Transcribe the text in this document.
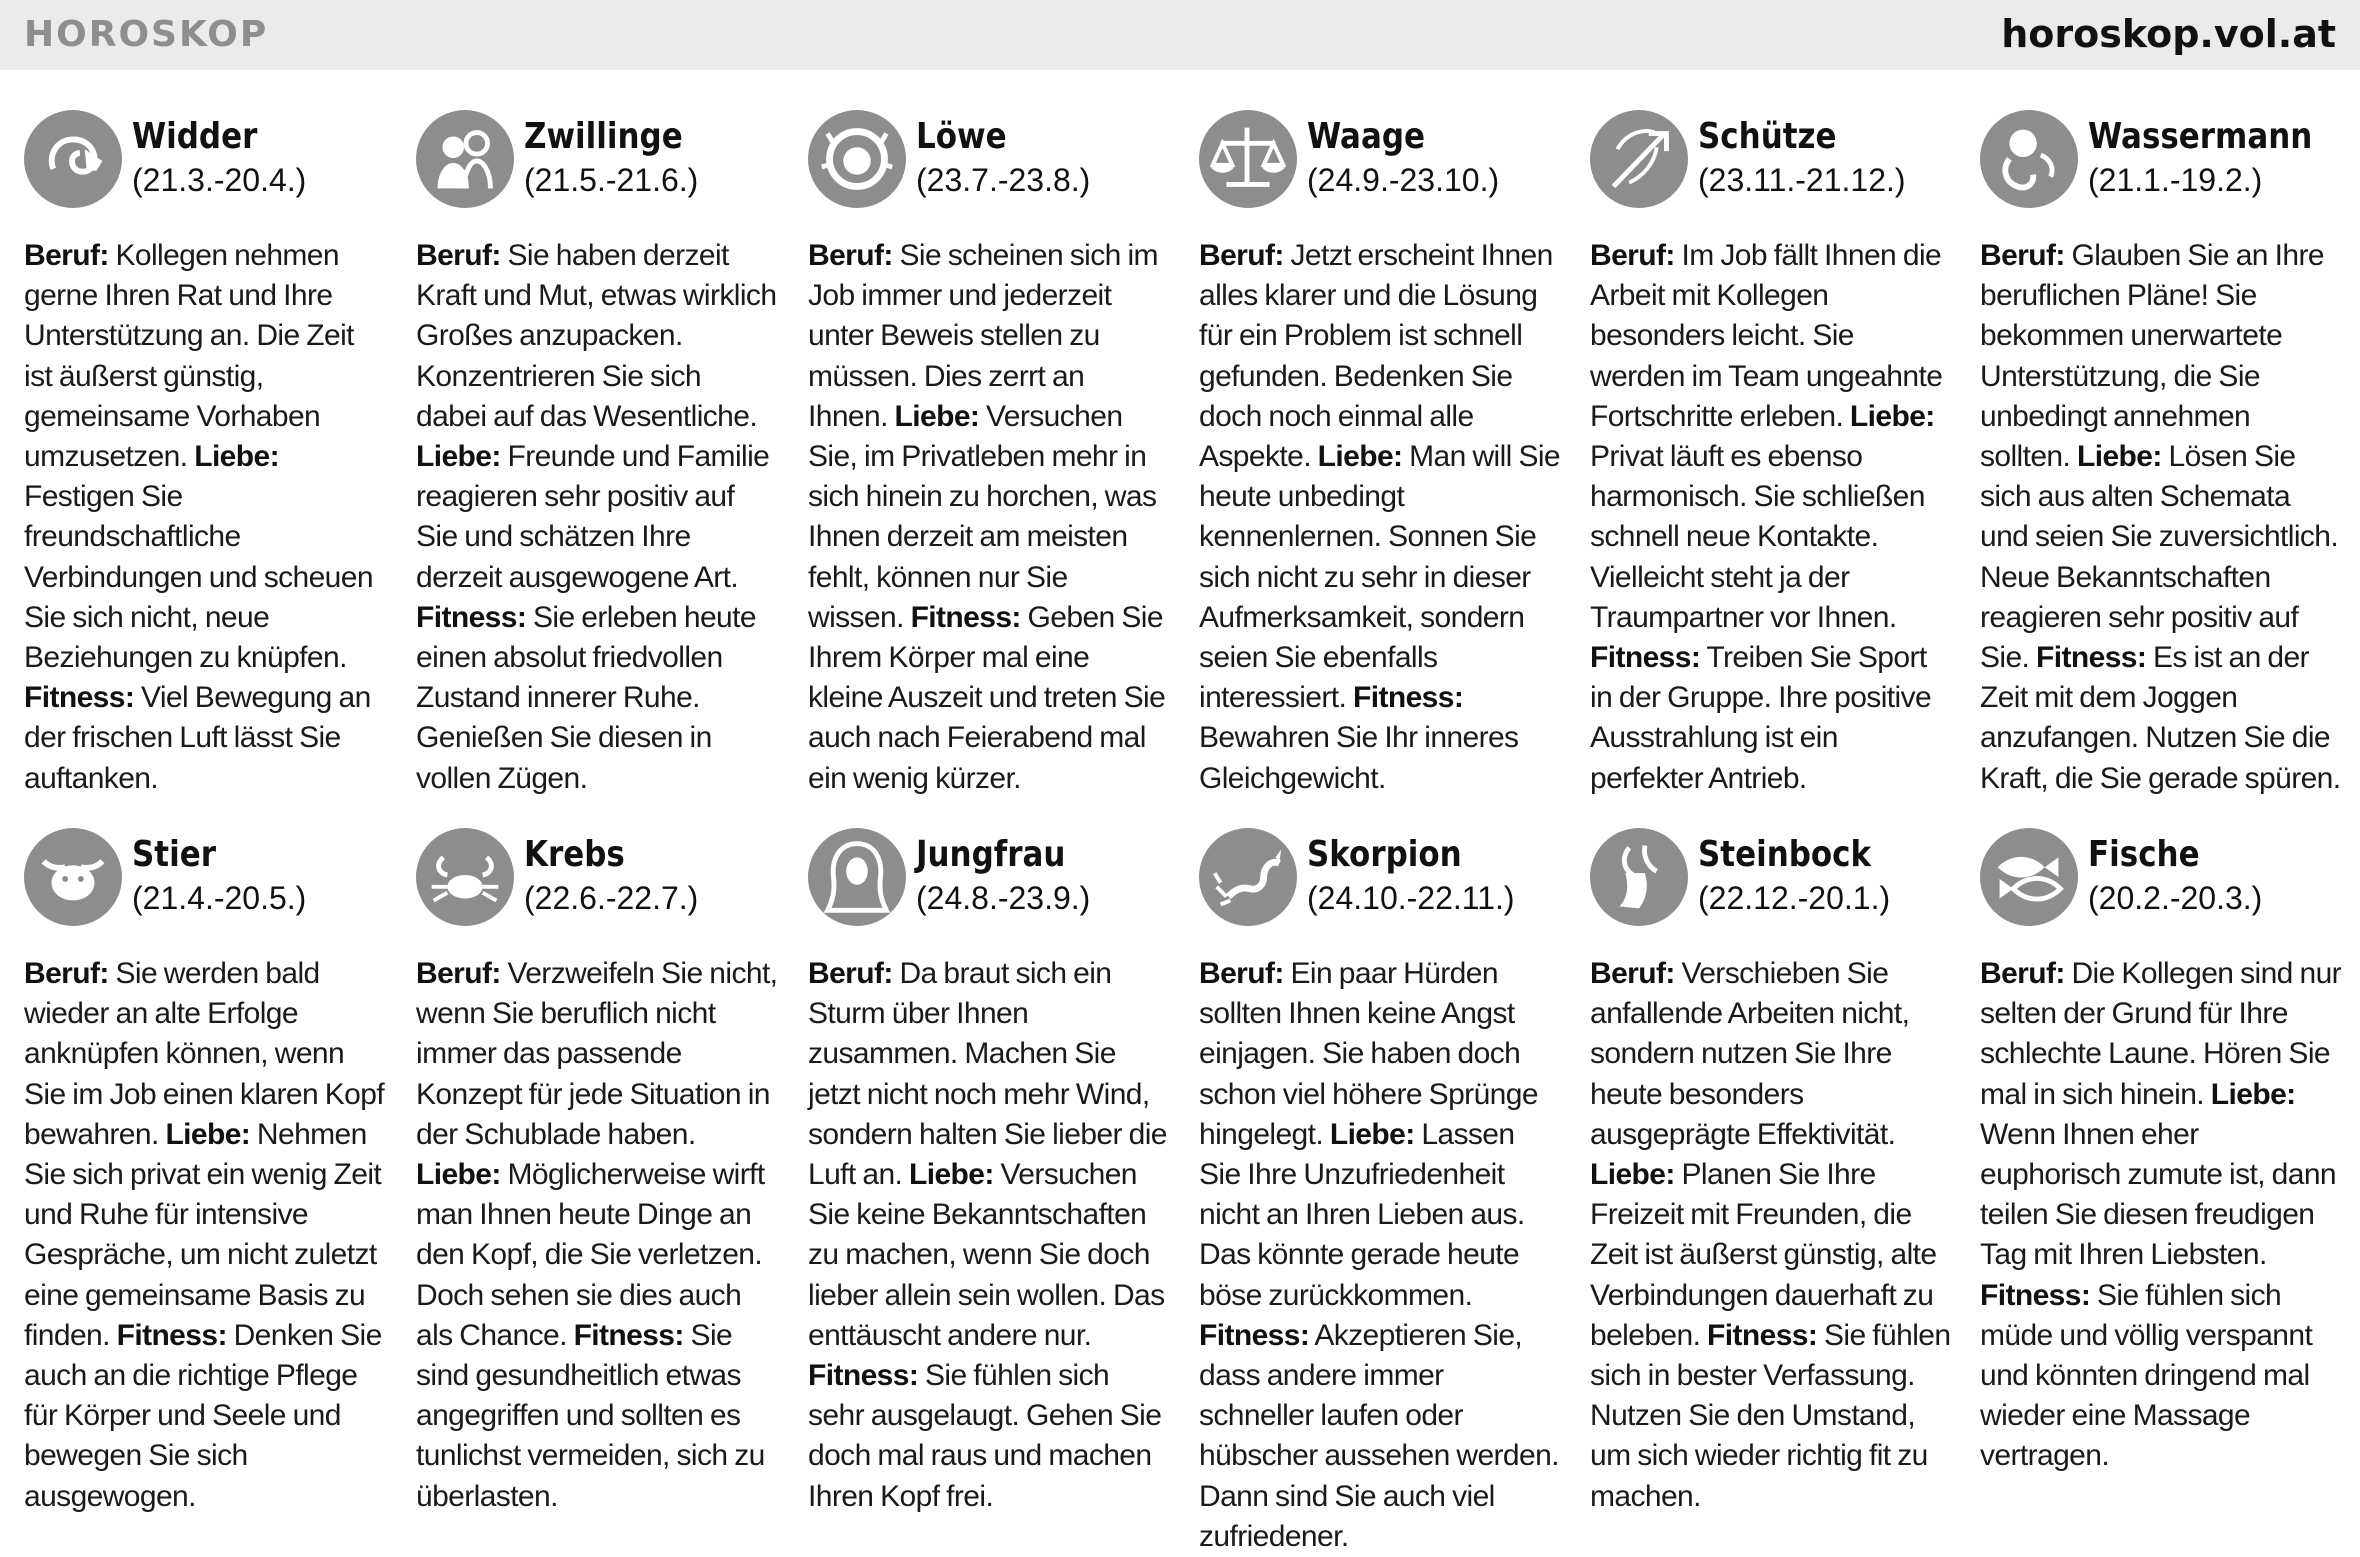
HOROSKOP	horoskop.vol.at
Widder
(21.3.-20.4.)
Beruf: Kollegen nehmen gerne Ihren Rat und Ihre Unterstützung an. Die Zeit ist äußerst günstig, gemeinsame Vorhaben umzusetzen. Liebe: Festigen Sie freundschaftliche Verbindungen und scheuen Sie sich nicht, neue Beziehungen zu knüpfen. Fitness: Viel Bewegung an der frischen Luft lässt Sie auftanken.
Zwillinge
(21.5.-21.6.)
Beruf: Sie haben derzeit Kraft und Mut, etwas wirklich Großes anzupacken. Konzentrieren Sie sich dabei auf das Wesentliche. Liebe: Freunde und Familie reagieren sehr positiv auf Sie und schätzen Ihre derzeit ausgewogene Art. Fitness: Sie erleben heute einen absolut friedvollen Zustand innerer Ruhe. Genießen Sie diesen in vollen Zügen.
Löwe
(23.7.-23.8.)
Beruf: Sie scheinen sich im Job immer und jederzeit unter Beweis stellen zu müssen. Dies zerrt an Ihnen. Liebe: Versuchen Sie, im Privatleben mehr in sich hinein zu horchen, was Ihnen derzeit am meisten fehlt, können nur Sie wissen. Fitness: Geben Sie Ihrem Körper mal eine kleine Auszeit und treten Sie auch nach Feierabend mal ein wenig kürzer.
Waage
(24.9.-23.10.)
Beruf: Jetzt erscheint Ihnen alles klarer und die Lösung für ein Problem ist schnell gefunden. Bedenken Sie doch noch einmal alle Aspekte. Liebe: Man will Sie heute unbedingt kennenlernen. Sonnen Sie sich nicht zu sehr in dieser Aufmerksamkeit, sondern seien Sie ebenfalls interessiert. Fitness: Bewahren Sie Ihr inneres Gleichgewicht.
Schütze
(23.11.-21.12.)
Beruf: Im Job fällt Ihnen die Arbeit mit Kollegen besonders leicht. Sie werden im Team ungeahnte Fortschritte erleben. Liebe: Privat läuft es ebenso harmonisch. Sie schließen schnell neue Kontakte. Vielleicht steht ja der Traumpartner vor Ihnen. Fitness: Treiben Sie Sport in der Gruppe. Ihre positive Ausstrahlung ist ein perfekter Antrieb.
Wassermann
(21.1.-19.2.)
Beruf: Glauben Sie an Ihre beruflichen Pläne! Sie bekommen unerwartete Unterstützung, die Sie unbedingt annehmen sollten. Liebe: Lösen Sie sich aus alten Schemata und seien Sie zuversichtlich. Neue Bekanntschaften reagieren sehr positiv auf Sie. Fitness: Es ist an der Zeit mit dem Joggen anzufangen. Nutzen Sie die Kraft, die Sie gerade spüren.
Stier
(21.4.-20.5.)
Beruf: Sie werden bald wieder an alte Erfolge anknüpfen können, wenn Sie im Job einen klaren Kopf bewahren. Liebe: Nehmen Sie sich privat ein wenig Zeit und Ruhe für intensive Gespräche, um nicht zuletzt eine gemeinsame Basis zu finden. Fitness: Denken Sie auch an die richtige Pflege für Körper und Seele und bewegen Sie sich ausgewogen.
Krebs
(22.6.-22.7.)
Beruf: Verzweifeln Sie nicht, wenn Sie beruflich nicht immer das passende Konzept für jede Situation in der Schublade haben. Liebe: Möglicherweise wirft man Ihnen heute Dinge an den Kopf, die Sie verletzen. Doch sehen sie dies auch als Chance. Fitness: Sie sind gesundheitlich etwas angegriffen und sollten es tunlichst vermeiden, sich zu überlasten.
Jungfrau
(24.8.-23.9.)
Beruf: Da braut sich ein Sturm über Ihnen zusammen. Machen Sie jetzt nicht noch mehr Wind, sondern halten Sie lieber die Luft an. Liebe: Versuchen Sie keine Bekanntschaften zu machen, wenn Sie doch lieber allein sein wollen. Das enttäuscht andere nur. Fitness: Sie fühlen sich sehr ausgelaugt. Gehen Sie doch mal raus und machen Ihren Kopf frei.
Skorpion
(24.10.-22.11.)
Beruf: Ein paar Hürden sollten Ihnen keine Angst einjagen. Sie haben doch schon viel höhere Sprünge hingelegt. Liebe: Lassen Sie Ihre Unzufriedenheit nicht an Ihren Lieben aus. Das könnte gerade heute böse zurückkommen. Fitness: Akzeptieren Sie, dass andere immer schneller laufen oder hübscher aussehen werden. Dann sind Sie auch viel zufriedener.
Steinbock
(22.12.-20.1.)
Beruf: Verschieben Sie anfallende Arbeiten nicht, sondern nutzen Sie Ihre heute besonders ausgeprägte Effektivität. Liebe: Planen Sie Ihre Freizeit mit Freunden, die Zeit ist äußerst günstig, alte Verbindungen dauerhaft zu beleben. Fitness: Sie fühlen sich in bester Verfassung. Nutzen Sie den Umstand, um sich wieder richtig fit zu machen.
Fische
(20.2.-20.3.)
Beruf: Die Kollegen sind nur selten der Grund für Ihre schlechte Laune. Hören Sie mal in sich hinein. Liebe: Wenn Ihnen eher euphorisch zumute ist, dann teilen Sie diesen freudigen Tag mit Ihren Liebsten. Fitness: Sie fühlen sich müde und völlig verspannt und könnten dringend mal wieder eine Massage vertragen.
